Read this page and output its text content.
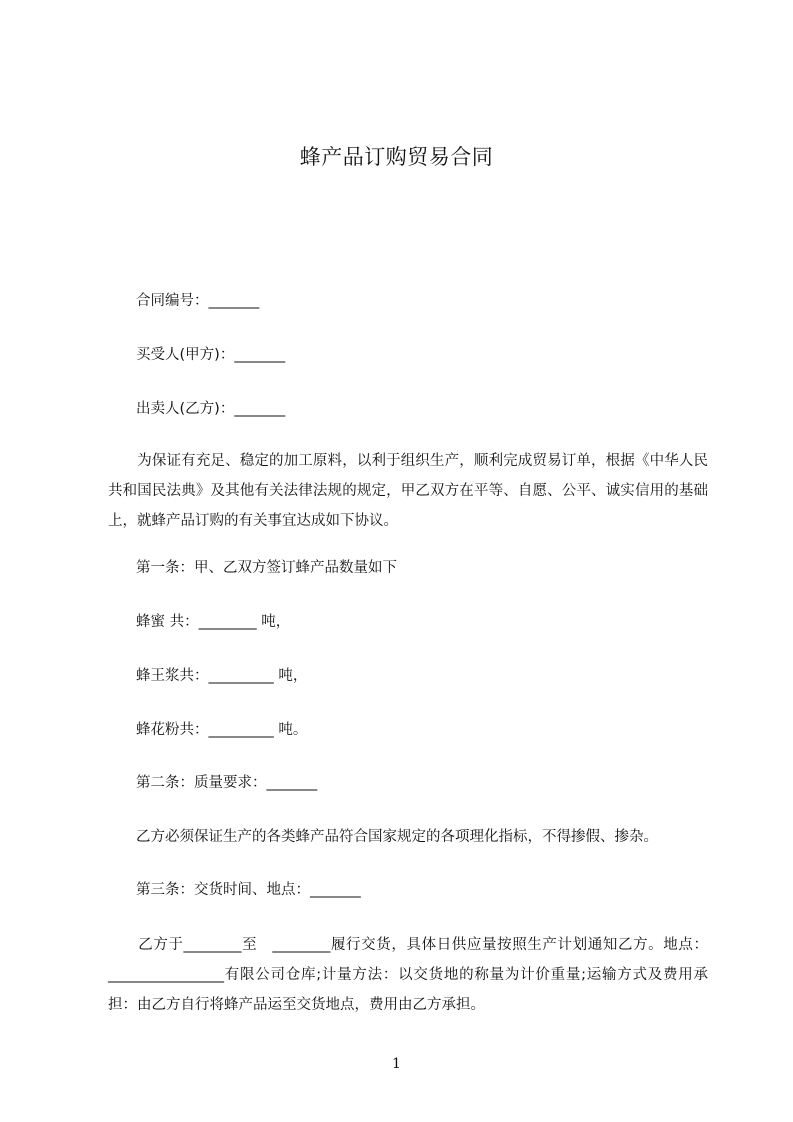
蜂产品订购贸易合同
合同编号：_______
买受人(甲方)：_______
出卖人(乙方)：_______
　　为保证有充足、稳定的加工原料，以利于组织生产，顺利完成贸易订单，根据《中华人民共和国民法典》及其他有关法律法规的规定，甲乙双方在平等、自愿、公平、诚实信用的基础上，就蜂产品订购的有关事宜达成如下协议。
第一条：甲、乙双方签订蜂产品数量如下
蜂蜜 共：________ 吨，
蜂王浆共：_________ 吨，
蜂花粉共：_________ 吨。
第二条：质量要求：_______
乙方必须保证生产的各类蜂产品符合国家规定的各项理化指标，不得掺假、掺杂。
第三条：交货时间、地点：_______
　　乙方于________至　________履行交货，具体日供应量按照生产计划通知乙方。地点：________________有限公司仓库;计量方法：以交货地的称量为计价重量;运输方式及费用承担：由乙方自行将蜂产品运至交货地点，费用由乙方承担。
1
